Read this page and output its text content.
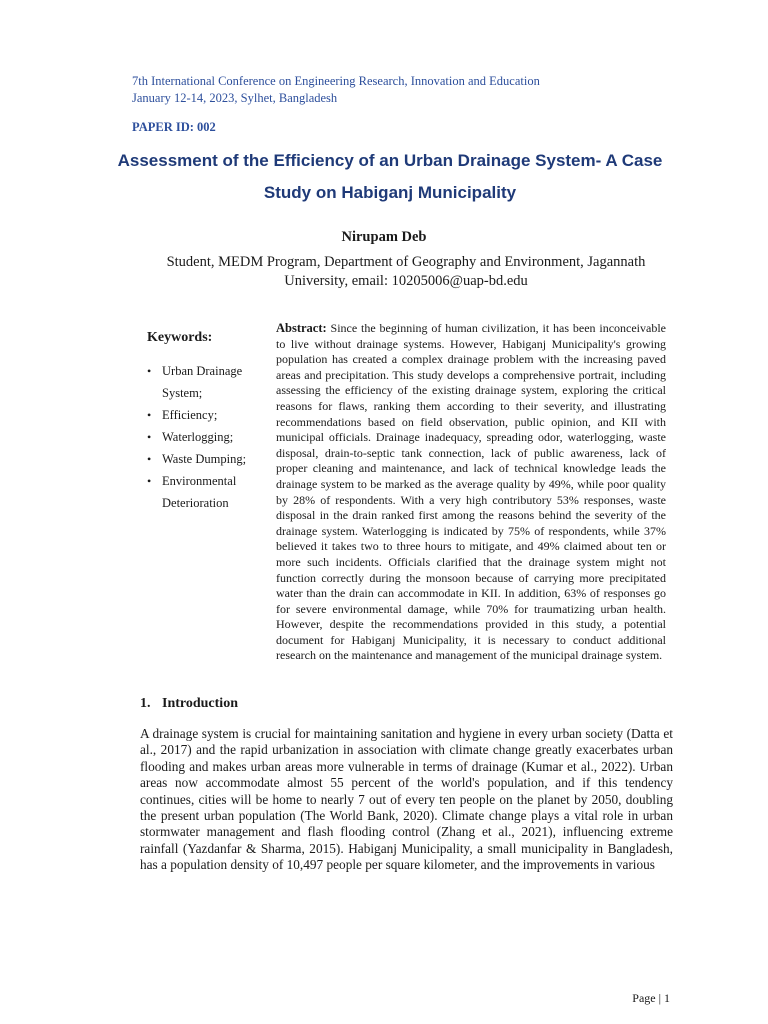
7th International Conference on Engineering Research, Innovation and Education
January 12-14, 2023, Sylhet, Bangladesh
PAPER ID: 002
Assessment of the Efficiency of an Urban Drainage System- A Case Study on Habiganj Municipality
Nirupam Deb
Student, MEDM Program, Department of Geography and Environment, Jagannath University, email: 10205006@uap-bd.edu
Keywords:
• Urban Drainage System;
• Efficiency;
• Waterlogging;
• Waste Dumping;
• Environmental Deterioration

Abstract: Since the beginning of human civilization, it has been inconceivable to live without drainage systems. However, Habiganj Municipality's growing population has created a complex drainage problem with the increasing paved areas and precipitation. This study develops a comprehensive portrait, including assessing the efficiency of the existing drainage system, exploring the critical reasons for flaws, ranking them according to their severity, and illustrating recommendations based on field observation, public opinion, and KII with municipal officials. Drainage inadequacy, spreading odor, waterlogging, waste disposal, drain-to-septic tank connection, lack of public awareness, lack of proper cleaning and maintenance, and lack of technical knowledge leads the drainage system to be marked as the average quality by 49%, while poor quality by 28% of respondents. With a very high contributory 53% responses, waste disposal in the drain ranked first among the reasons behind the severity of the drainage system. Waterlogging is indicated by 75% of respondents, while 37% believed it takes two to three hours to mitigate, and 49% claimed about ten or more such incidents. Officials clarified that the drainage system might not function correctly during the monsoon because of carrying more precipitated water than the drain can accommodate in KII. In addition, 63% of responses go for severe environmental damage, while 70% for traumatizing urban health. However, despite the recommendations provided in this study, a potential document for Habiganj Municipality, it is necessary to conduct additional research on the maintenance and management of the municipal drainage system.

1. Introduction

A drainage system is crucial for maintaining sanitation and hygiene in every urban society (Datta et al., 2017) and the rapid urbanization in association with climate change greatly exacerbates urban flooding and makes urban areas more vulnerable in terms of drainage (Kumar et al., 2022). Urban areas now accommodate almost 55 percent of the world's population, and if this tendency continues, cities will be home to nearly 7 out of every ten people on the planet by 2050, doubling the present urban population (The World Bank, 2020). Climate change plays a vital role in urban stormwater management and flash flooding control (Zhang et al., 2021), influencing extreme rainfall (Yazdanfar & Sharma, 2015). Habiganj Municipality, a small municipality in Bangladesh, has a population density of 10,497 people per square kilometer, and the improvements in various

Page | 1
